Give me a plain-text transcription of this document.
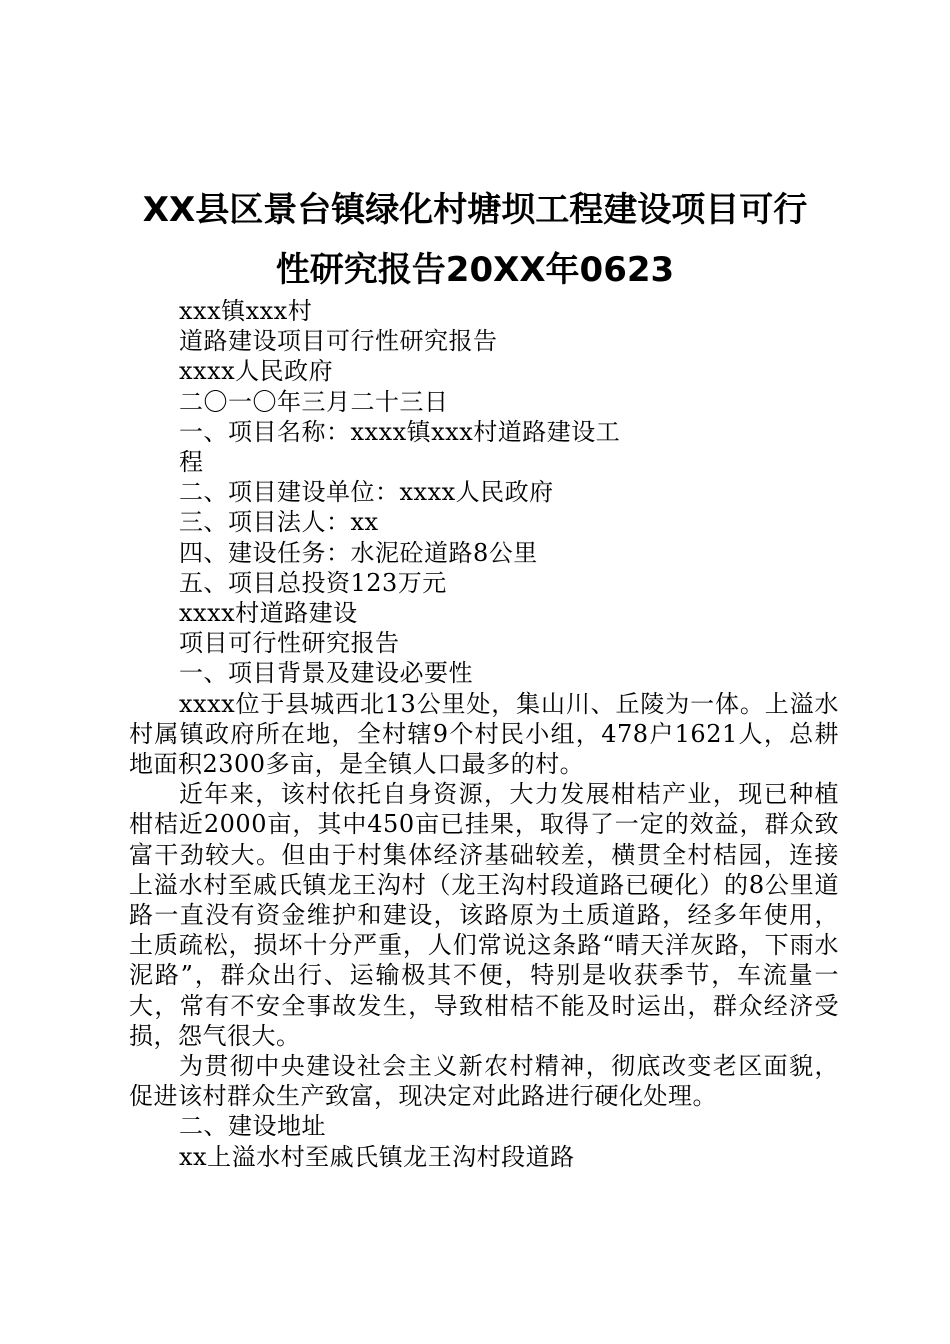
XX县区景台镇绿化村塘坝工程建设项目可行
性研究报告20XX年0623
xxx镇xxx村
道路建设项目可行性研究报告
xxxx人民政府
二〇一〇年三月二十三日
一、项目名称：xxxx镇xxx村道路建设工
程
二、项目建设单位：xxxx人民政府
三、项目法人：xx
四、建设任务：水泥砼道路8公里
五、项目总投资123万元
xxxx村道路建设
项目可行性研究报告
一、项目背景及建设必要性
xxxx位于县城西北13公里处，集山川、丘陵为一体。上溢水村属镇政府所在地，全村辖9个村民小组，478户1621人，总耕地面积2300多亩，是全镇人口最多的村。
近年来，该村依托自身资源，大力发展柑桔产业，现已种植柑桔近2000亩，其中450亩已挂果，取得了一定的效益，群众致富干劲较大。但由于村集体经济基础较差，横贯全村桔园，连接上溢水村至戚氏镇龙王沟村（龙王沟村段道路已硬化）的8公里道路一直没有资金维护和建设，该路原为土质道路，经多年使用，土质疏松，损坏十分严重，人们常说这条路“晴天洋灰路，下雨水泥路”，群众出行、运输极其不便，特别是收获季节，车流量一大，常有不安全事故发生，导致柑桔不能及时运出，群众经济受损，怨气很大。
为贯彻中央建设社会主义新农村精神，彻底改变老区面貌，促进该村群众生产致富，现决定对此路进行硬化处理。
二、建设地址
xx上溢水村至戚氏镇龙王沟村段道路
